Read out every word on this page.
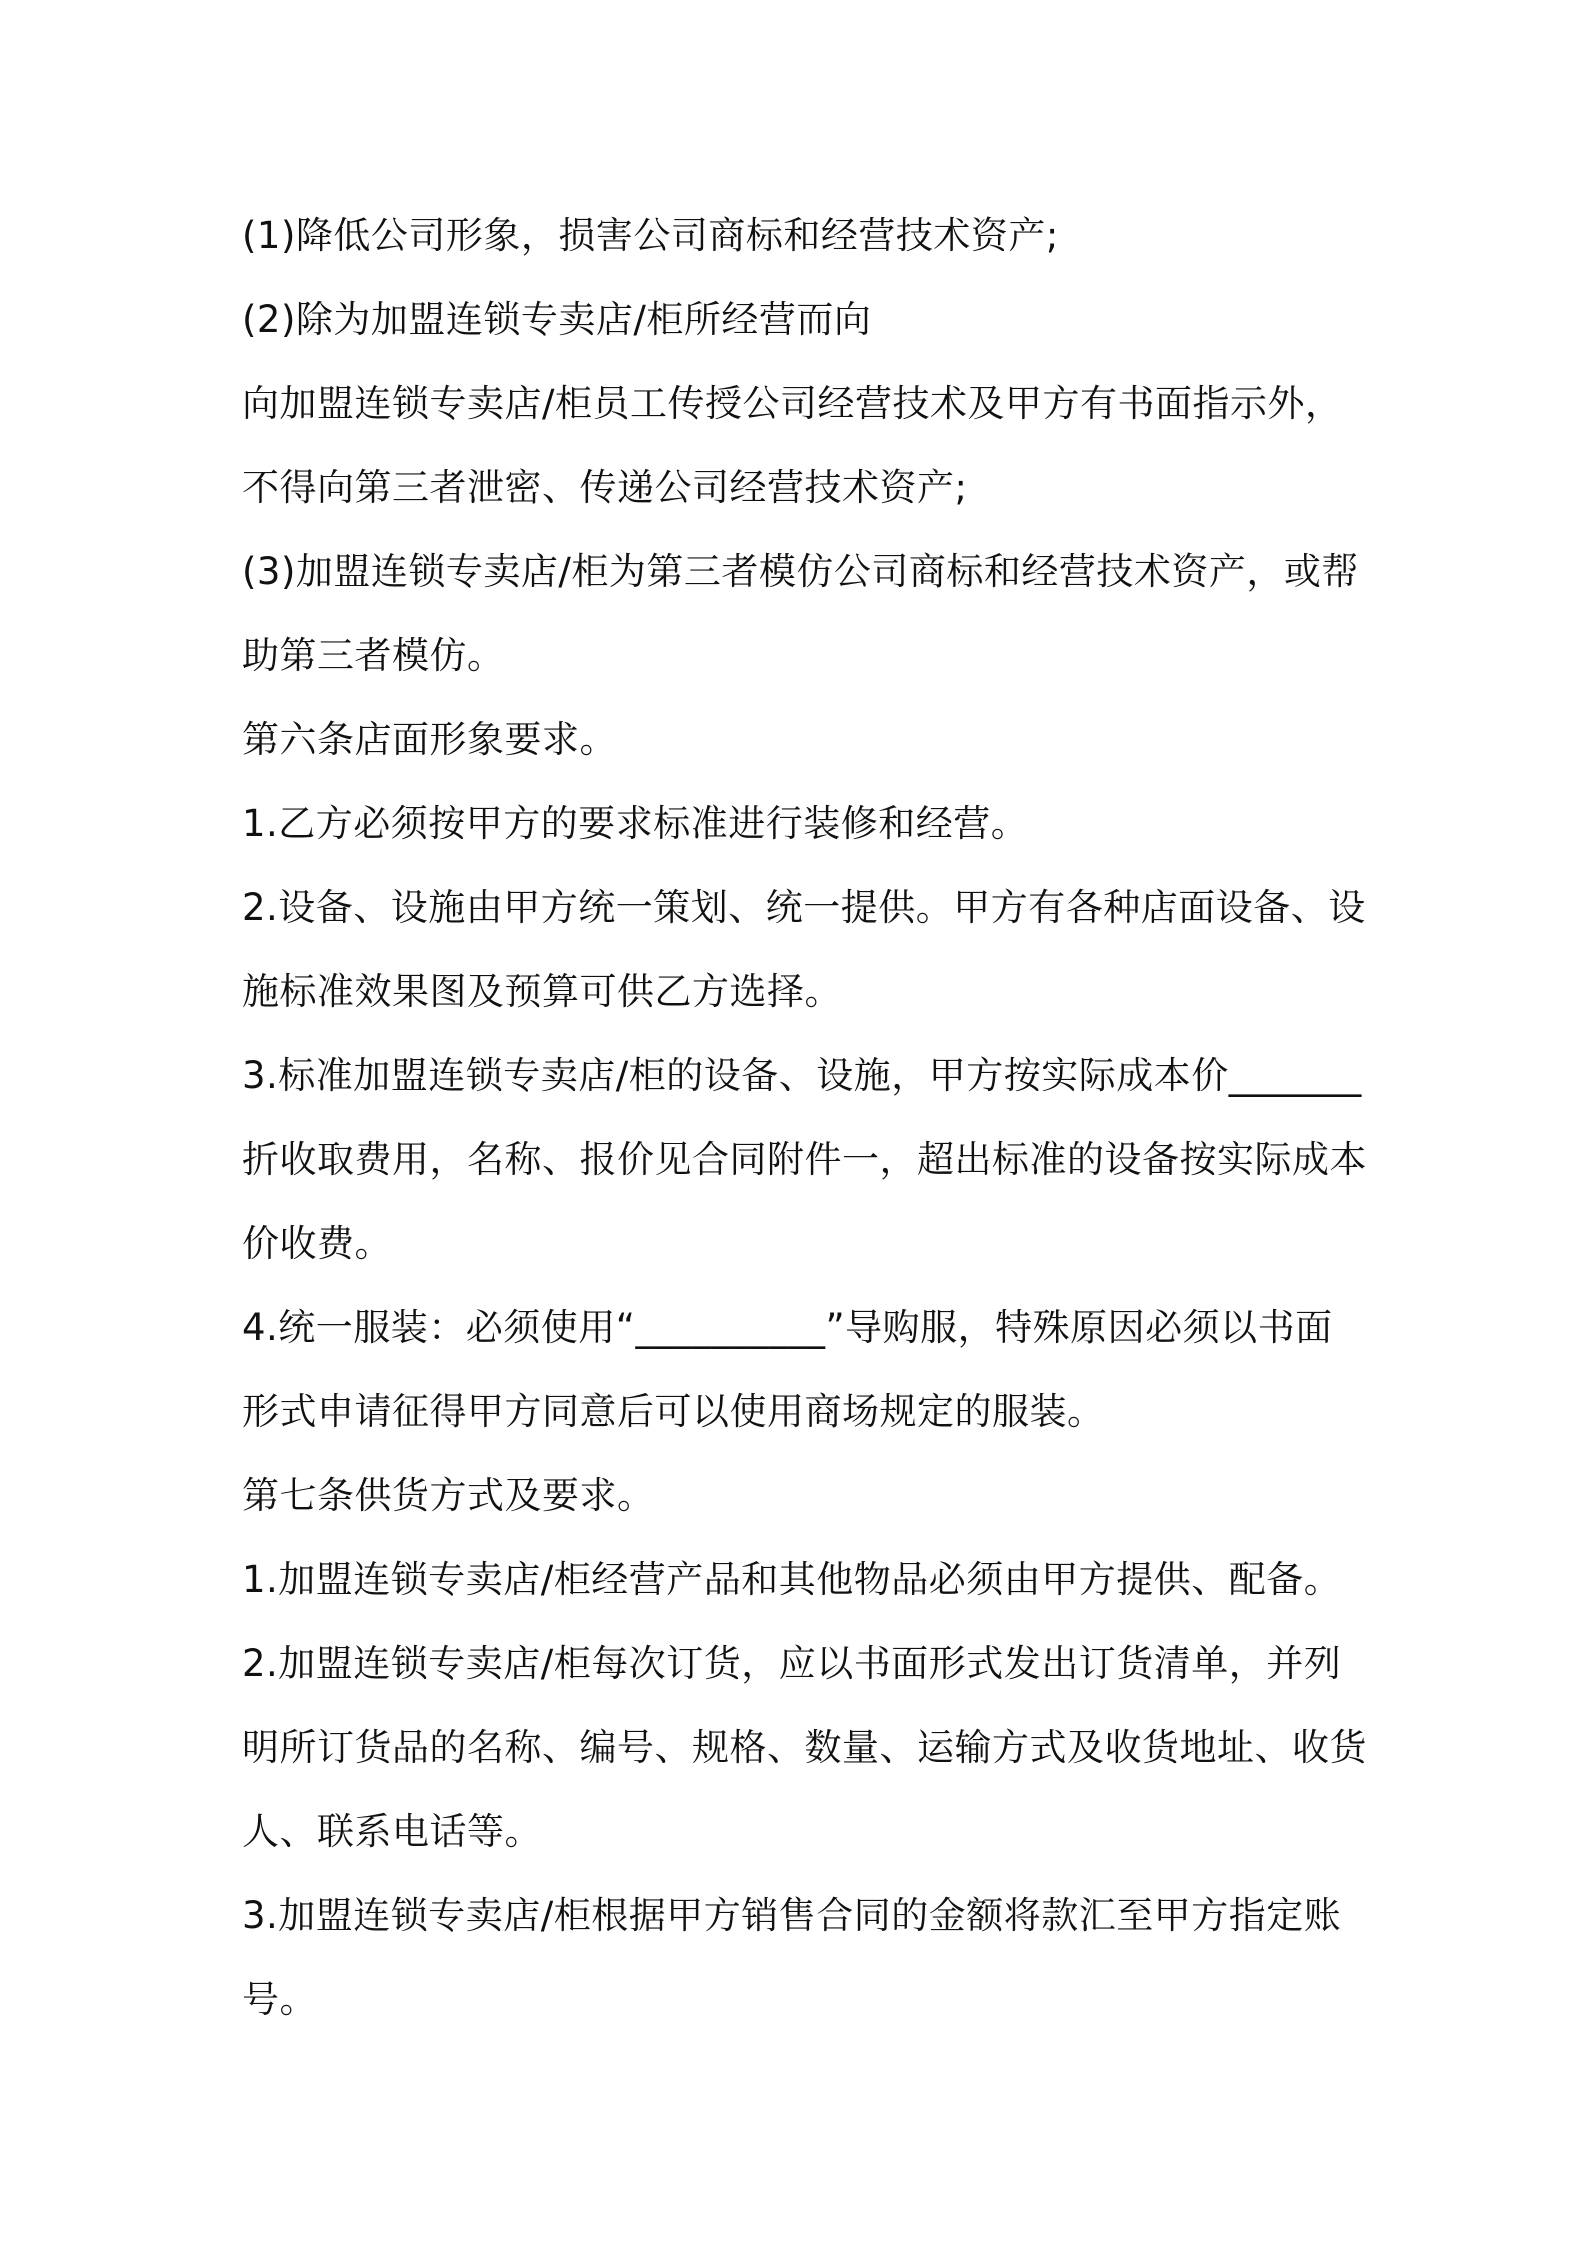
(1)降低公司形象，损害公司商标和经营技术资产;

(2)除为加盟连锁专卖店/柜所经营而向

向加盟连锁专卖店/柜员工传授公司经营技术及甲方有书面指示外，

不得向第三者泄密、传递公司经营技术资产;

(3)加盟连锁专卖店/柜为第三者模仿公司商标和经营技术资产，或帮

助第三者模仿。

第六条店面形象要求。

1.乙方必须按甲方的要求标准进行装修和经营。

2.设备、设施由甲方统一策划、统一提供。甲方有各种店面设备、设

施标准效果图及预算可供乙方选择。

3.标准加盟连锁专卖店/柜的设备、设施，甲方按实际成本价_______

折收取费用，名称、报价见合同附件一，超出标准的设备按实际成本

价收费。

4.统一服装：必须使用“__________”导购服，特殊原因必须以书面

形式申请征得甲方同意后可以使用商场规定的服装。

第七条供货方式及要求。

1.加盟连锁专卖店/柜经营产品和其他物品必须由甲方提供、配备。

2.加盟连锁专卖店/柜每次订货，应以书面形式发出订货清单，并列

明所订货品的名称、编号、规格、数量、运输方式及收货地址、收货

人、联系电话等。

3.加盟连锁专卖店/柜根据甲方销售合同的金额将款汇至甲方指定账

号。
